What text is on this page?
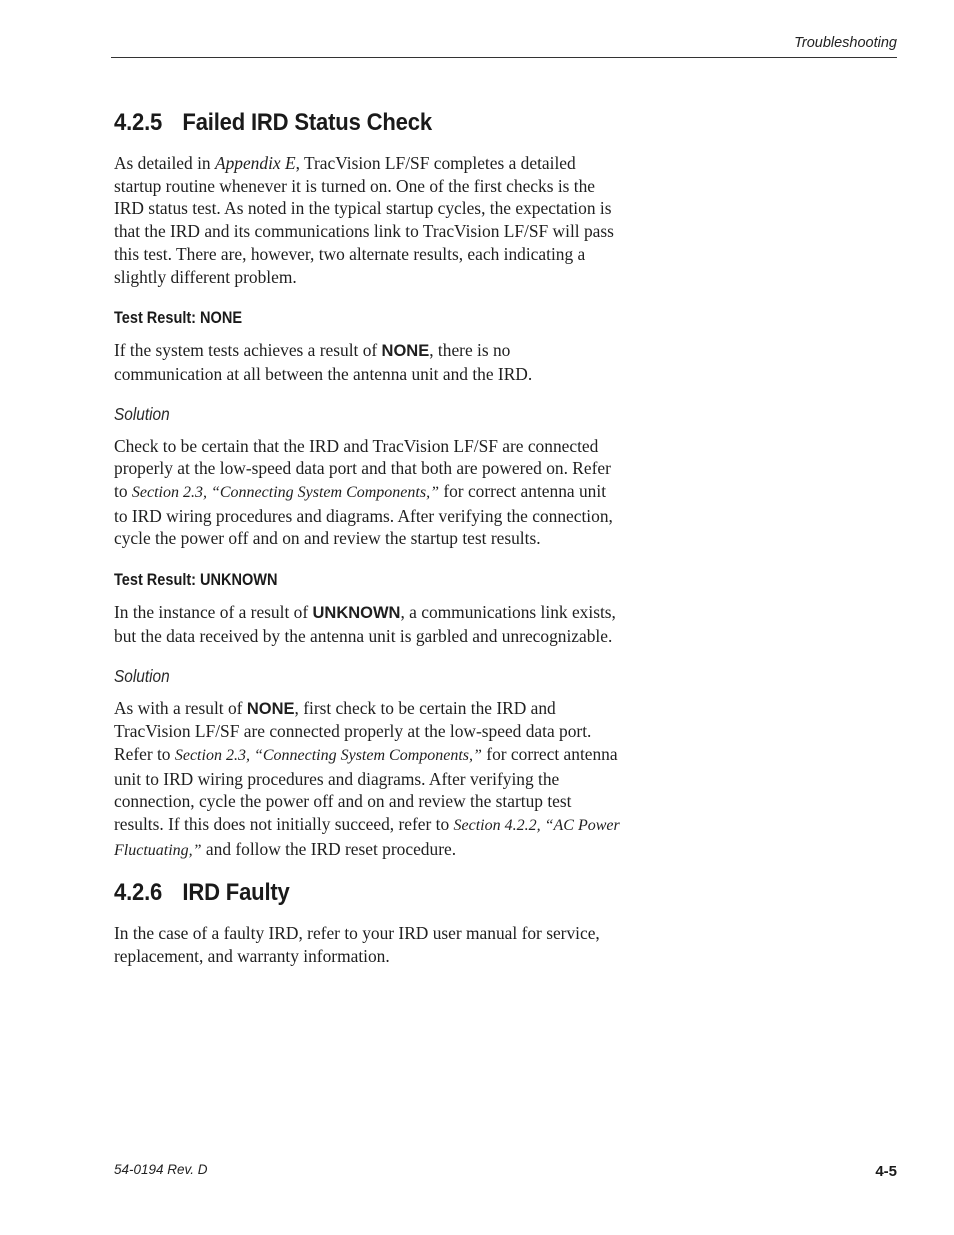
Troubleshooting
4.2.5 Failed IRD Status Check

As detailed in Appendix E, TracVision LF/SF completes a detailed startup routine whenever it is turned on. One of the first checks is the IRD status test. As noted in the typical startup cycles, the expectation is that the IRD and its communications link to TracVision LF/SF will pass this test. There are, however, two alternate results, each indicating a slightly different problem.

Test Result: NONE

If the system tests achieves a result of NONE, there is no communication at all between the antenna unit and the IRD.

Solution

Check to be certain that the IRD and TracVision LF/SF are connected properly at the low-speed data port and that both are powered on. Refer to Section 2.3, “Connecting System Components,” for correct antenna unit to IRD wiring procedures and diagrams. After verifying the connection, cycle the power off and on and review the startup test results.

Test Result: UNKNOWN

In the instance of a result of UNKNOWN, a communications link exists, but the data received by the antenna unit is garbled and unrecognizable.

Solution

As with a result of NONE, first check to be certain the IRD and TracVision LF/SF are connected properly at the low-speed data port. Refer to Section 2.3, “Connecting System Components,” for correct antenna unit to IRD wiring procedures and diagrams. After verifying the connection, cycle the power off and on and review the startup test results. If this does not initially succeed, refer to Section 4.2.2, “AC Power Fluctuating,” and follow the IRD reset procedure.

4.2.6 IRD Faulty

In the case of a faulty IRD, refer to your IRD user manual for service, replacement, and warranty information.

54-0194 Rev. D	4-5
